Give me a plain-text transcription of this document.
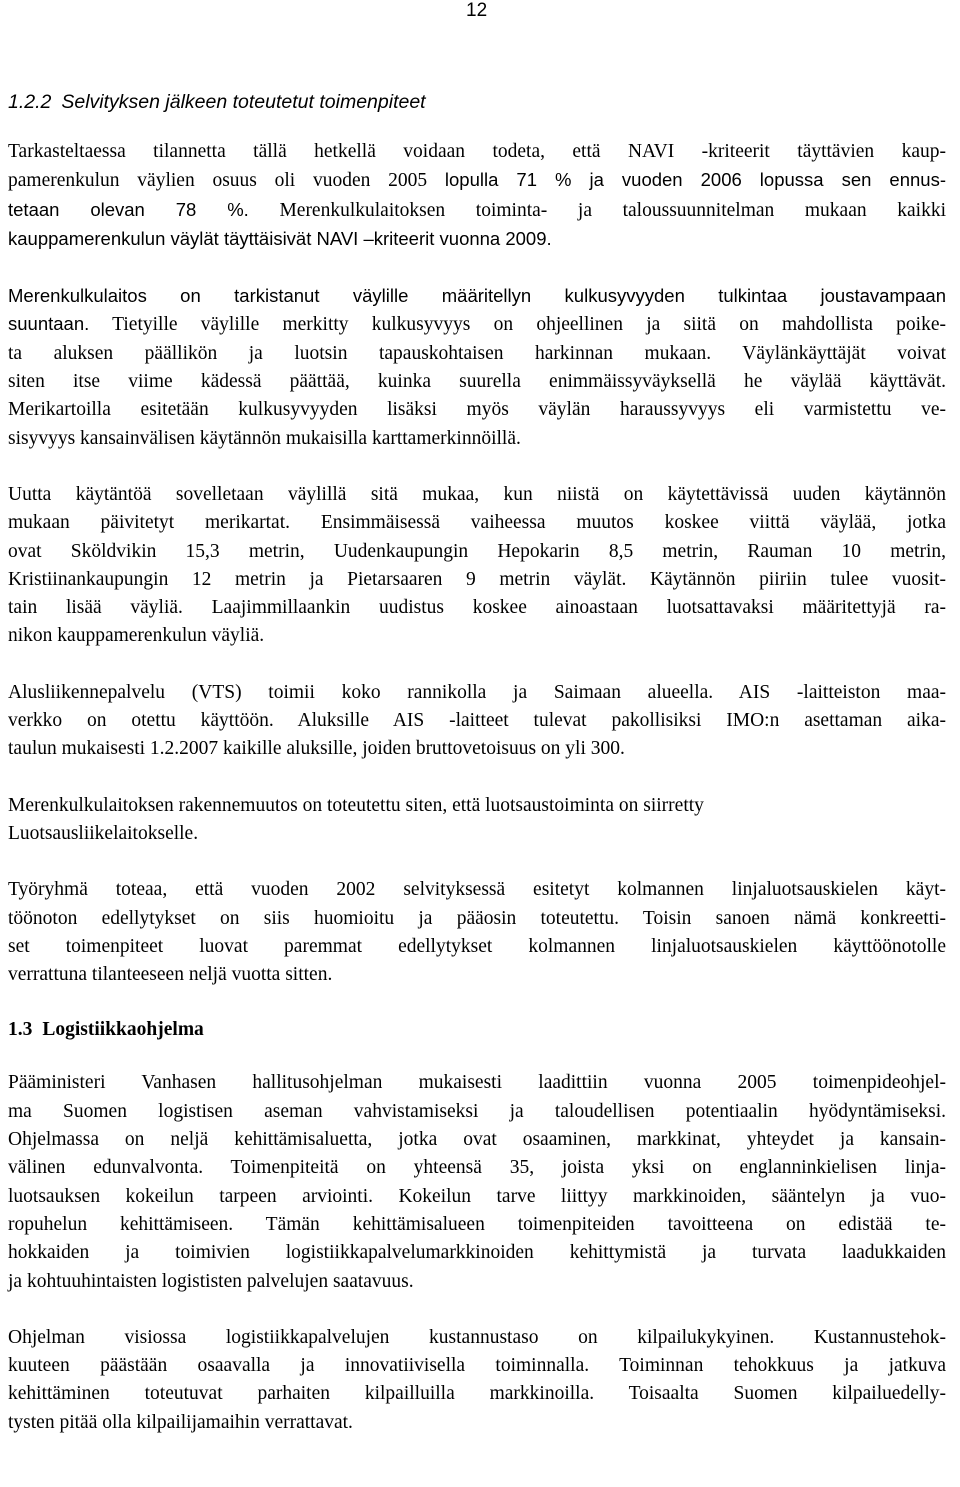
12
1.2.2 Selvityksen jälkeen toteutetut toimenpiteet

Tarkasteltaessa tilannetta tällä hetkellä voidaan todeta, että NAVI -kriteerit täyttävien kaup-
pamerenkulun väylien osuus oli vuoden 2005 lopulla 71 % ja vuoden 2006 lopussa sen ennus-
tetaan olevan 78 %. Merenkulkulaitoksen toiminta- ja taloussuunnitelman mukaan kaikki
kauppamerenkulun väylät täyttäisivät NAVI –kriteerit vuonna 2009.

Merenkulkulaitos on tarkistanut väylille määritellyn kulkusyvyyden tulkintaa joustavampaan
suuntaan. Tietyille väylille merkitty kulkusyvyys on ohjeellinen ja siitä on mahdollista poike-
ta aluksen päällikön ja luotsin tapauskohtaisen harkinnan mukaan. Väylänkäyttäjät voivat
siten itse viime kädessä päättää, kuinka suurella enimmäissyväyksellä he väylää käyttävät.
Merikartoilla esitetään kulkusyvyyden lisäksi myös väylän haraussyvyys eli varmistettu ve-
sisyvyys kansainvälisen käytännön mukaisilla karttamerkinnöillä.

Uutta käytäntöä sovelletaan väylillä sitä mukaa, kun niistä on käytettävissä uuden käytännön
mukaan päivitetyt merikartat. Ensimmäisessä vaiheessa muutos koskee viittä väylää, jotka
ovat Sköldvikin 15,3 metrin, Uudenkaupungin Hepokarin 8,5 metrin, Rauman 10 metrin,
Kristiinankaupungin 12 metrin ja Pietarsaaren 9 metrin väylät. Käytännön piiriin tulee vuosit-
tain lisää väyliä. Laajimmillaankin uudistus koskee ainoastaan luotsattavaksi määritettyjä ra-
nikon kauppamerenkulun väyliä.

Alusliikennepalvelu (VTS) toimii koko rannikolla ja Saimaan alueella. AIS -laitteiston maa-
verkko on otettu käyttöön. Aluksille AIS -laitteet tulevat pakollisiksi IMO:n asettaman aika-
taulun mukaisesti 1.2.2007 kaikille aluksille, joiden bruttovetoisuus on yli 300.

Merenkulkulaitoksen rakennemuutos on toteutettu siten, että luotsaustoiminta on siirretty
Luotsausliikelaitokselle.

Työryhmä toteaa, että vuoden 2002 selvityksessä esitetyt kolmannen linjaluotsauskielen käyt-
töönoton edellytykset on siis huomioitu ja pääosin toteutettu. Toisin sanoen nämä konkreetti-
set toimenpiteet luovat paremmat edellytykset kolmannen linjaluotsauskielen käyttöönotolle
verrattuna tilanteeseen neljä vuotta sitten.

1.3 Logistiikkaohjelma

Pääministeri Vanhasen hallitusohjelman mukaisesti laadittiin vuonna 2005 toimenpideohjel-
ma Suomen logistisen aseman vahvistamiseksi ja taloudellisen potentiaalin hyödyntämiseksi.
Ohjelmassa on neljä kehittämisaluetta, jotka ovat osaaminen, markkinat, yhteydet ja kansain-
välinen edunvalvonta. Toimenpiteitä on yhteensä 35, joista yksi on englanninkielisen linja-
luotsauksen kokeilun tarpeen arviointi. Kokeilun tarve liittyy markkinoiden, sääntelyn ja vuo-
ropuhelun kehittämiseen. Tämän kehittämisalueen toimenpiteiden tavoitteena on edistää te-
hokkaiden ja toimivien logistiikkapalvelumarkkinoiden kehittymistä ja turvata laadukkaiden
ja kohtuuhintaisten logististen palvelujen saatavuus.

Ohjelman visiossa logistiikkapalvelujen kustannustaso on kilpailukykyinen. Kustannustehok-
kuuteen päästään osaavalla ja innovatiivisella toiminnalla. Toiminnan tehokkuus ja jatkuva
kehittäminen toteutuvat parhaiten kilpailluilla markkinoilla. Toisaalta Suomen kilpailuedelly-
tysten pitää olla kilpailijamaihin verrattavat.
